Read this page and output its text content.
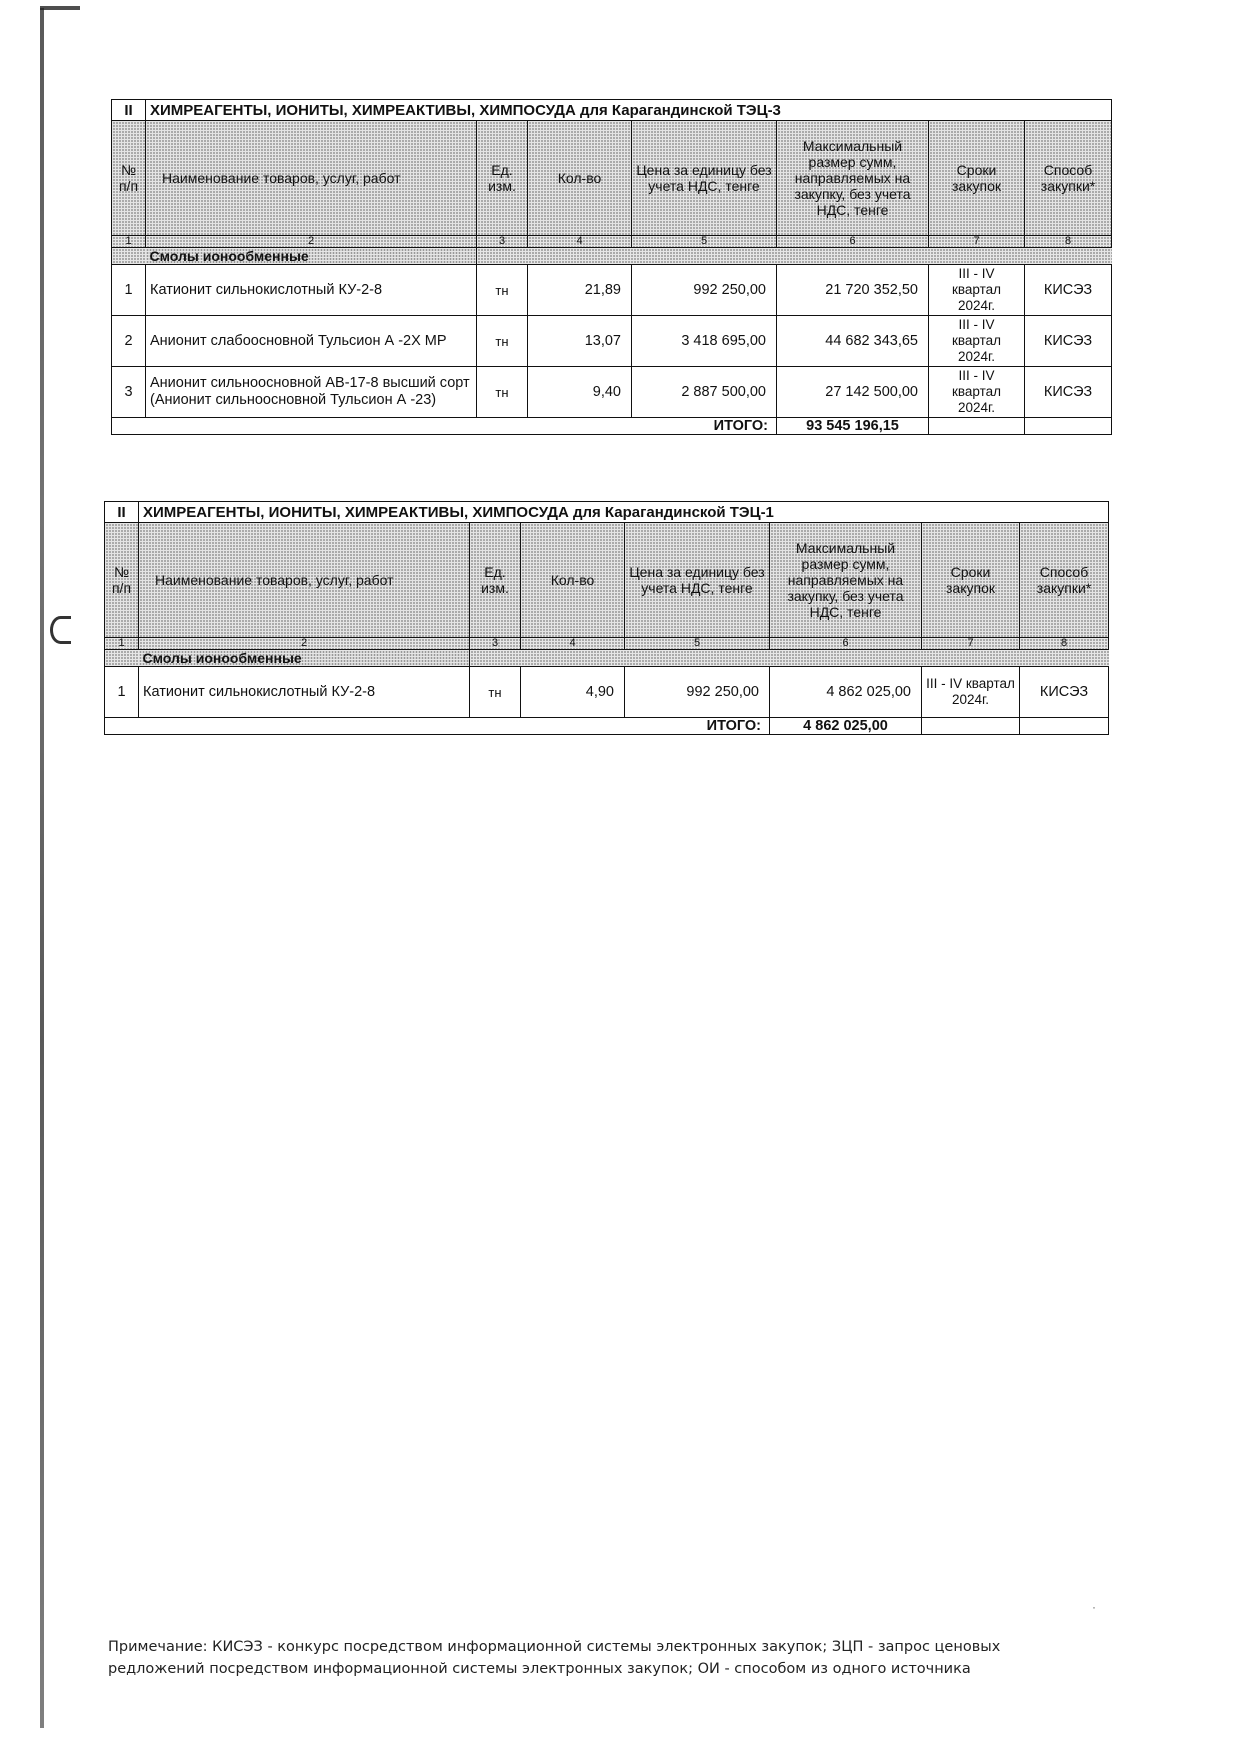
·
II	ХИМРЕАГЕНТЫ, ИОНИТЫ, ХИМРЕАКТИВЫ, ХИМПОСУДА для Карагандинской ТЭЦ-3						
№ п/п	Наименование товаров, услуг, работ	Ед. изм.	Кол-во	Цена за единицу без учета НДС, тенге	Максимальный размер сумм, направляемых на закупку, без учета НДС, тенге	Сроки закупок	Способ закупки*
1	2	3	4	5	6	7	8
	Смолы ионообменные						
1	Катионит сильнокислотный КУ-2-8	тн	21,89	992 250,00	21 720 352,50	III - IV квартал 2024г.	КИСЭЗ
2	Анионит слабоосновной Тульсион А -2Х МР	тн	13,07	3 418 695,00	44 682 343,65	III - IV квартал 2024г.	КИСЭЗ
3	Анионит сильноосновной АВ-17-8 высший сорт (Анионит сильноосновной Тульсион А -23)	тн	9,40	2 887 500,00	27 142 500,00	III - IV квартал 2024г.	КИСЭЗ
	ИТОГО:				93 545 196,15		
II	ХИМРЕАГЕНТЫ, ИОНИТЫ, ХИМРЕАКТИВЫ, ХИМПОСУДА для Карагандинской ТЭЦ-1						
№ п/п	Наименование товаров, услуг, работ	Ед. изм.	Кол-во	Цена за единицу без учета НДС, тенге	Максимальный размер сумм, направляемых на закупку, без учета НДС, тенге	Сроки закупок	Способ закупки*
1	2	3	4	5	6	7	8
	Смолы ионообменные						
1	Катионит сильнокислотный КУ-2-8	тн	4,90	992 250,00	4 862 025,00	III - IV квартал 2024г.	КИСЭЗ
	ИТОГО:				4 862 025,00		
Примечание: КИСЭЗ - конкурс посредством информационной системы электронных закупок; ЗЦП - запрос ценовых
редложений посредством информационной системы электронных закупок; ОИ - способом из одного источника
